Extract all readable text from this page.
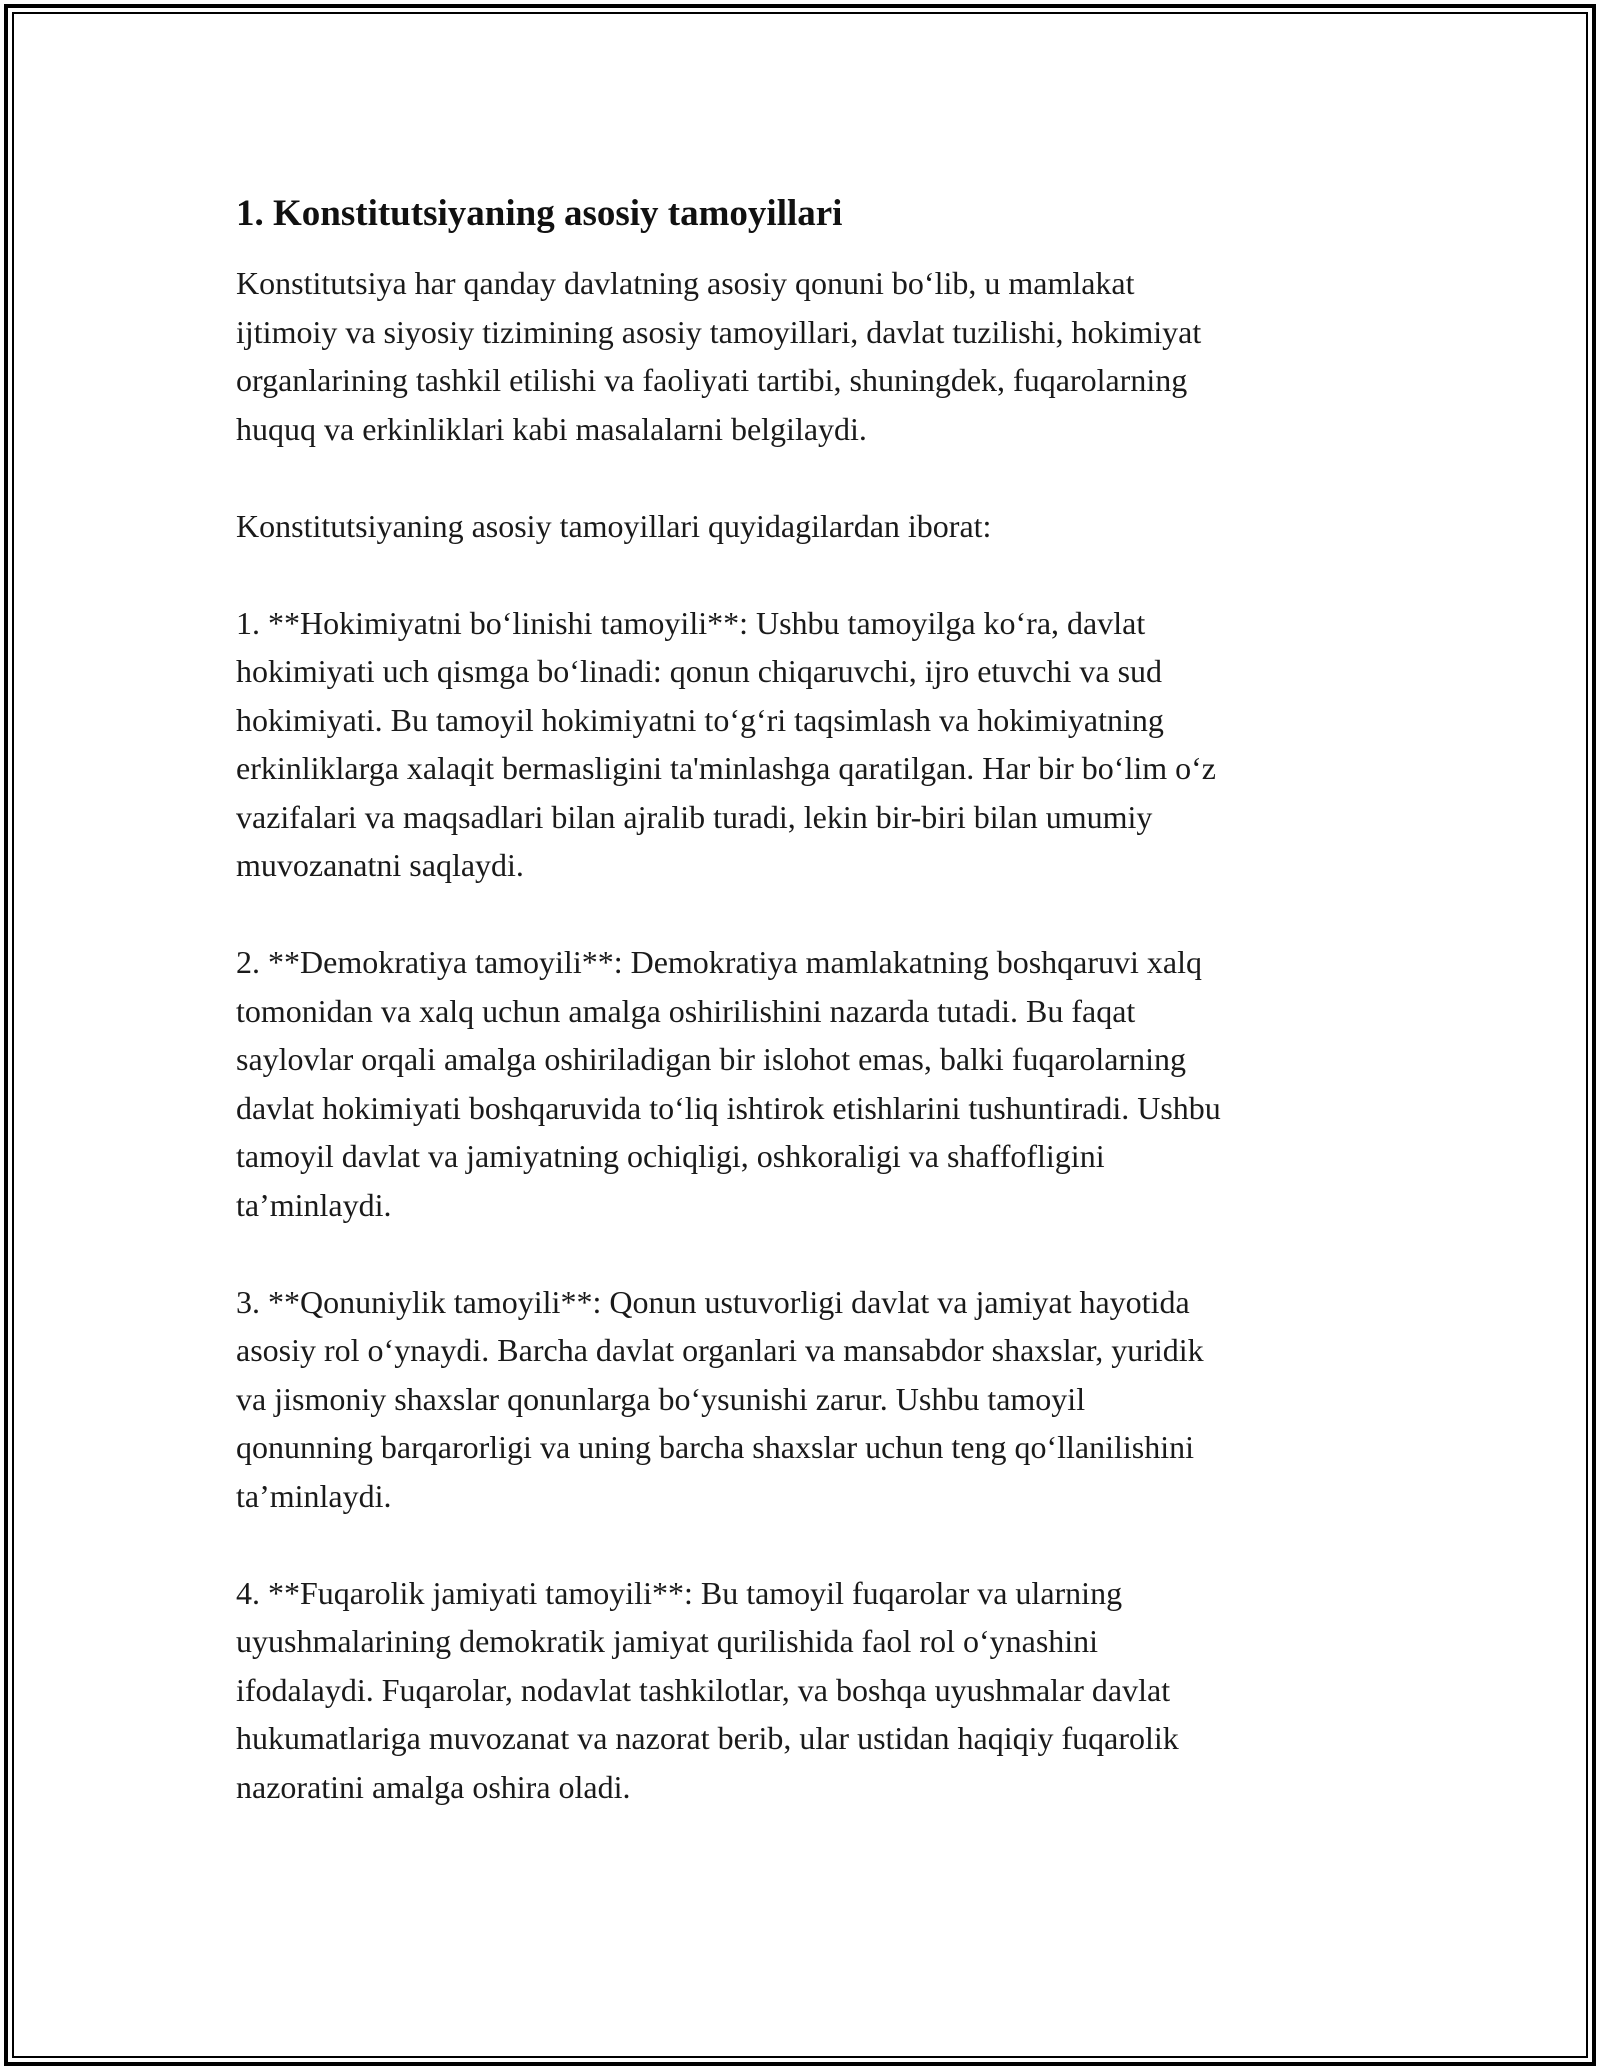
1. Konstitutsiyaning asosiy tamoyillari

Konstitutsiya har qanday davlatning asosiy qonuni bo‘lib, u mamlakat
ijtimoiy va siyosiy tizimining asosiy tamoyillari, davlat tuzilishi, hokimiyat
organlarining tashkil etilishi va faoliyati tartibi, shuningdek, fuqarolarning
huquq va erkinliklari kabi masalalarni belgilaydi.

Konstitutsiyaning asosiy tamoyillari quyidagilardan iborat:

1. **Hokimiyatni bo‘linishi tamoyili**: Ushbu tamoyilga ko‘ra, davlat
hokimiyati uch qismga bo‘linadi: qonun chiqaruvchi, ijro etuvchi va sud
hokimiyati. Bu tamoyil hokimiyatni to‘g‘ri taqsimlash va hokimiyatning
erkinliklarga xalaqit bermasligini ta'minlashga qaratilgan. Har bir bo‘lim o‘z
vazifalari va maqsadlari bilan ajralib turadi, lekin bir-biri bilan umumiy
muvozanatni saqlaydi.

2. **Demokratiya tamoyili**: Demokratiya mamlakatning boshqaruvi xalq
tomonidan va xalq uchun amalga oshirilishini nazarda tutadi. Bu faqat
saylovlar orqali amalga oshiriladigan bir islohot emas, balki fuqarolarning
davlat hokimiyati boshqaruvida to‘liq ishtirok etishlarini tushuntiradi. Ushbu
tamoyil davlat va jamiyatning ochiqligi, oshkoraligi va shaffofligini
ta’minlaydi.

3. **Qonuniylik tamoyili**: Qonun ustuvorligi davlat va jamiyat hayotida
asosiy rol o‘ynaydi. Barcha davlat organlari va mansabdor shaxslar, yuridik
va jismoniy shaxslar qonunlarga bo‘ysunishi zarur. Ushbu tamoyil
qonunning barqarorligi va uning barcha shaxslar uchun teng qo‘llanilishini
ta’minlaydi.

4. **Fuqarolik jamiyati tamoyili**: Bu tamoyil fuqarolar va ularning
uyushmalarining demokratik jamiyat qurilishida faol rol o‘ynashini
ifodalaydi. Fuqarolar, nodavlat tashkilotlar, va boshqa uyushmalar davlat
hukumatlariga muvozanat va nazorat berib, ular ustidan haqiqiy fuqarolik
nazoratini amalga oshira oladi.
